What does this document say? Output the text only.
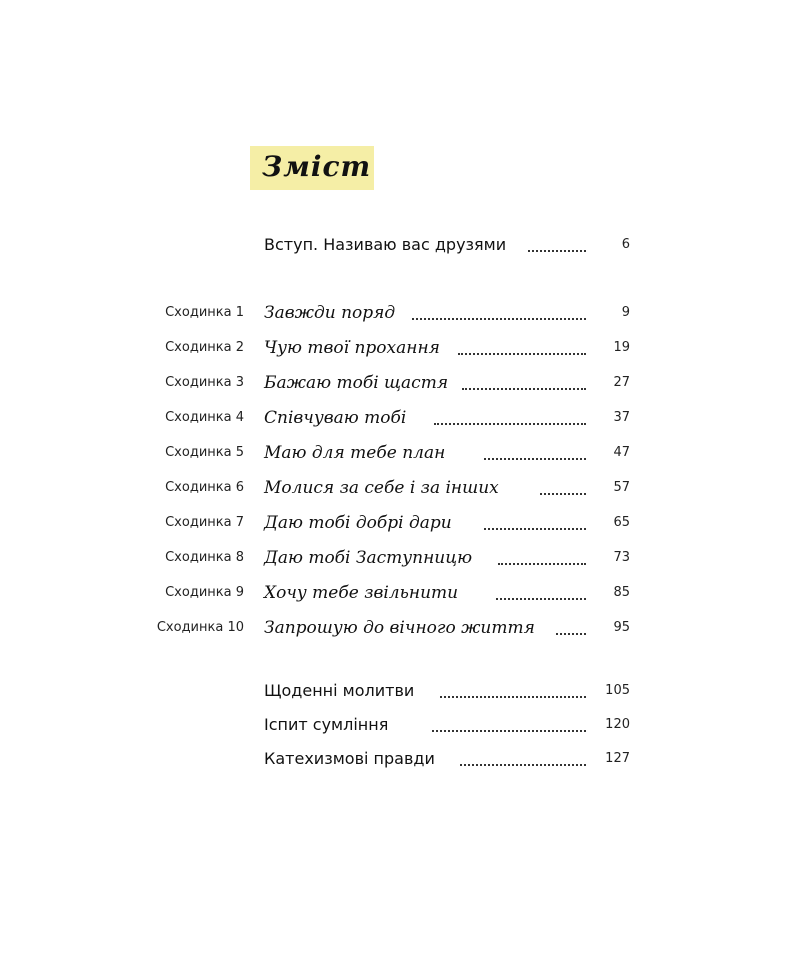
Зміст
Вступ. Називаю вас друзями	6
Сходинка 1 Завжди поряд	9
Сходинка 2 Чую твої прохання	19
Сходинка 3 Бажаю тобі щастя	27
Сходинка 4 Співчуваю тобі	37
Сходинка 5 Маю для тебе план	47
Сходинка 6 Молися за себе і за інших	57
Сходинка 7 Даю тобі добрі дари	65
Сходинка 8 Даю тобі Заступницю	73
Сходинка 9 Хочу тебе звільнити	85
Сходинка 10 Запрошую до вічного життя	95
Щоденні молитви	105
Іспит сумління	120
Катехизмові правди	127
